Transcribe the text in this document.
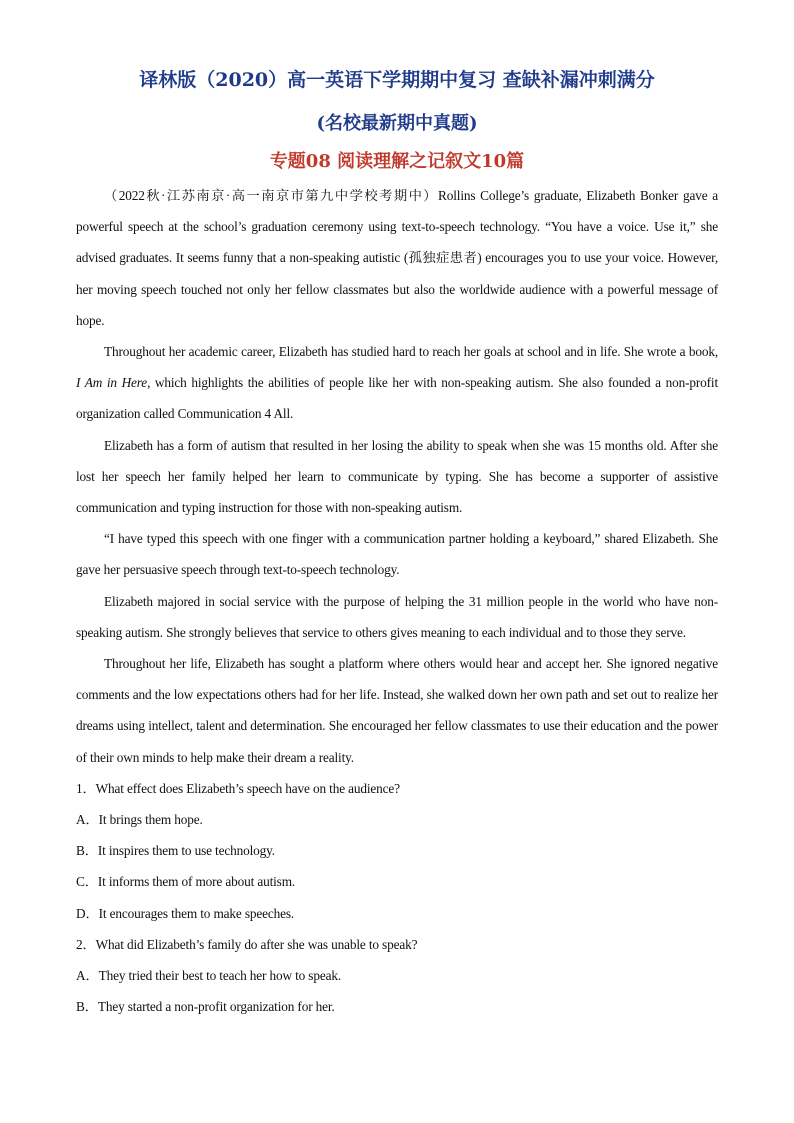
译林版（2020）高一英语下学期期中复习 查缺补漏冲刺满分
(名校最新期中真题)
专题08 阅读理解之记叙文10篇

（2022秋·江苏南京·高一南京市第九中学校考期中）Rollins College’s graduate, Elizabeth Bonker gave a powerful speech at the school’s graduation ceremony using text-to-speech technology. “You have a voice. Use it,” she advised graduates. It seems funny that a non-speaking autistic (孤独症患者) encourages you to use your voice. However, her moving speech touched not only her fellow classmates but also the worldwide audience with a powerful message of hope.

Throughout her academic career, Elizabeth has studied hard to reach her goals at school and in life. She wrote a book, I Am in Here, which highlights the abilities of people like her with non-speaking autism. She also founded a non-profit organization called Communication 4 All.

Elizabeth has a form of autism that resulted in her losing the ability to speak when she was 15 months old. After she lost her speech her family helped her learn to communicate by typing. She has become a supporter of assistive communication and typing instruction for those with non-speaking autism.

“I have typed this speech with one finger with a communication partner holding a keyboard,” shared Elizabeth. She gave her persuasive speech through text-to-speech technology.

Elizabeth majored in social service with the purpose of helping the 31 million people in the world who have non-speaking autism. She strongly believes that service to others gives meaning to each individual and to those they serve.

Throughout her life, Elizabeth has sought a platform where others would hear and accept her. She ignored negative comments and the low expectations others had for her life. Instead, she walked down her own path and set out to realize her dreams using intellect, talent and determination. She encouraged her fellow classmates to use their education and the power of their own minds to help make their dream a reality.

1．What effect does Elizabeth’s speech have on the audience?

A．It brings them hope.

B．It inspires them to use technology.

C．It informs them of more about autism.

D．It encourages them to make speeches.

2．What did Elizabeth’s family do after she was unable to speak?

A．They tried their best to teach her how to speak.

B．They started a non-profit organization for her.
